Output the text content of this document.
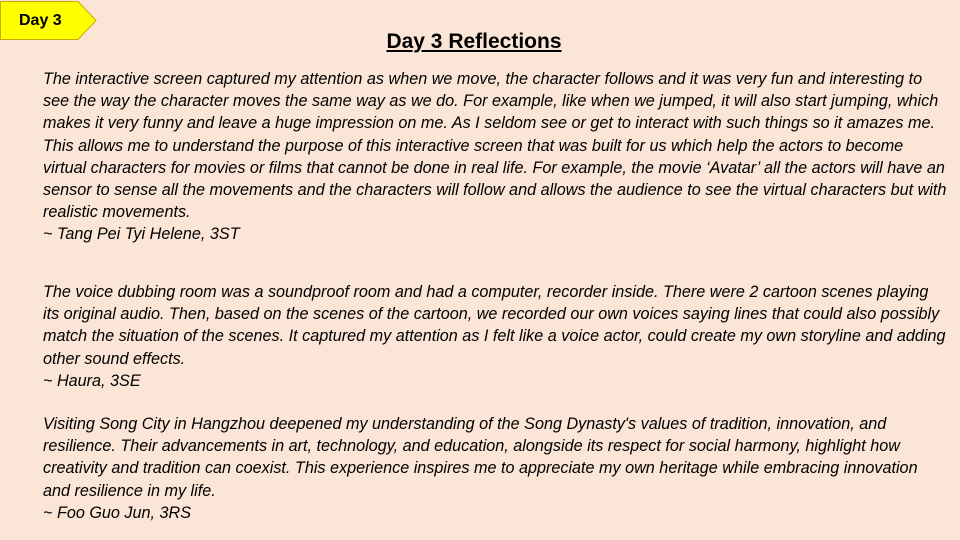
Day 3
Day 3 Reflections

The interactive screen captured my attention as when we move, the character follows and it was very fun and interesting to see the way the character moves the same way as we do. For example, like when we jumped, it will also start jumping, which makes it very funny and leave a huge impression on me. As I seldom see or get to interact with such things so it amazes me. This allows me to understand the purpose of this interactive screen that was built for us which help the actors to become virtual characters for movies or films that cannot be done in real life. For example, the movie ‘Avatar’ all the actors will have an sensor to sense all the movements and the characters will follow and allows the audience to see the virtual characters but with realistic movements.

~ Tang Pei Tyi Helene, 3ST

The voice dubbing room was a soundproof room and had a computer, recorder inside. There were 2 cartoon scenes playing its original audio. Then, based on the scenes of the cartoon, we recorded our own voices saying lines that could also possibly match the situation of the scenes. It captured my attention as I felt like a voice actor, could create my own storyline and adding other sound effects.

~ Haura, 3SE

Visiting Song City in Hangzhou deepened my understanding of the Song Dynasty's values of tradition, innovation, and resilience. Their advancements in art, technology, and education, alongside its respect for social harmony, highlight how creativity and tradition can coexist. This experience inspires me to appreciate my own heritage while embracing innovation and resilience in my life.

~ Foo Guo Jun, 3RS
